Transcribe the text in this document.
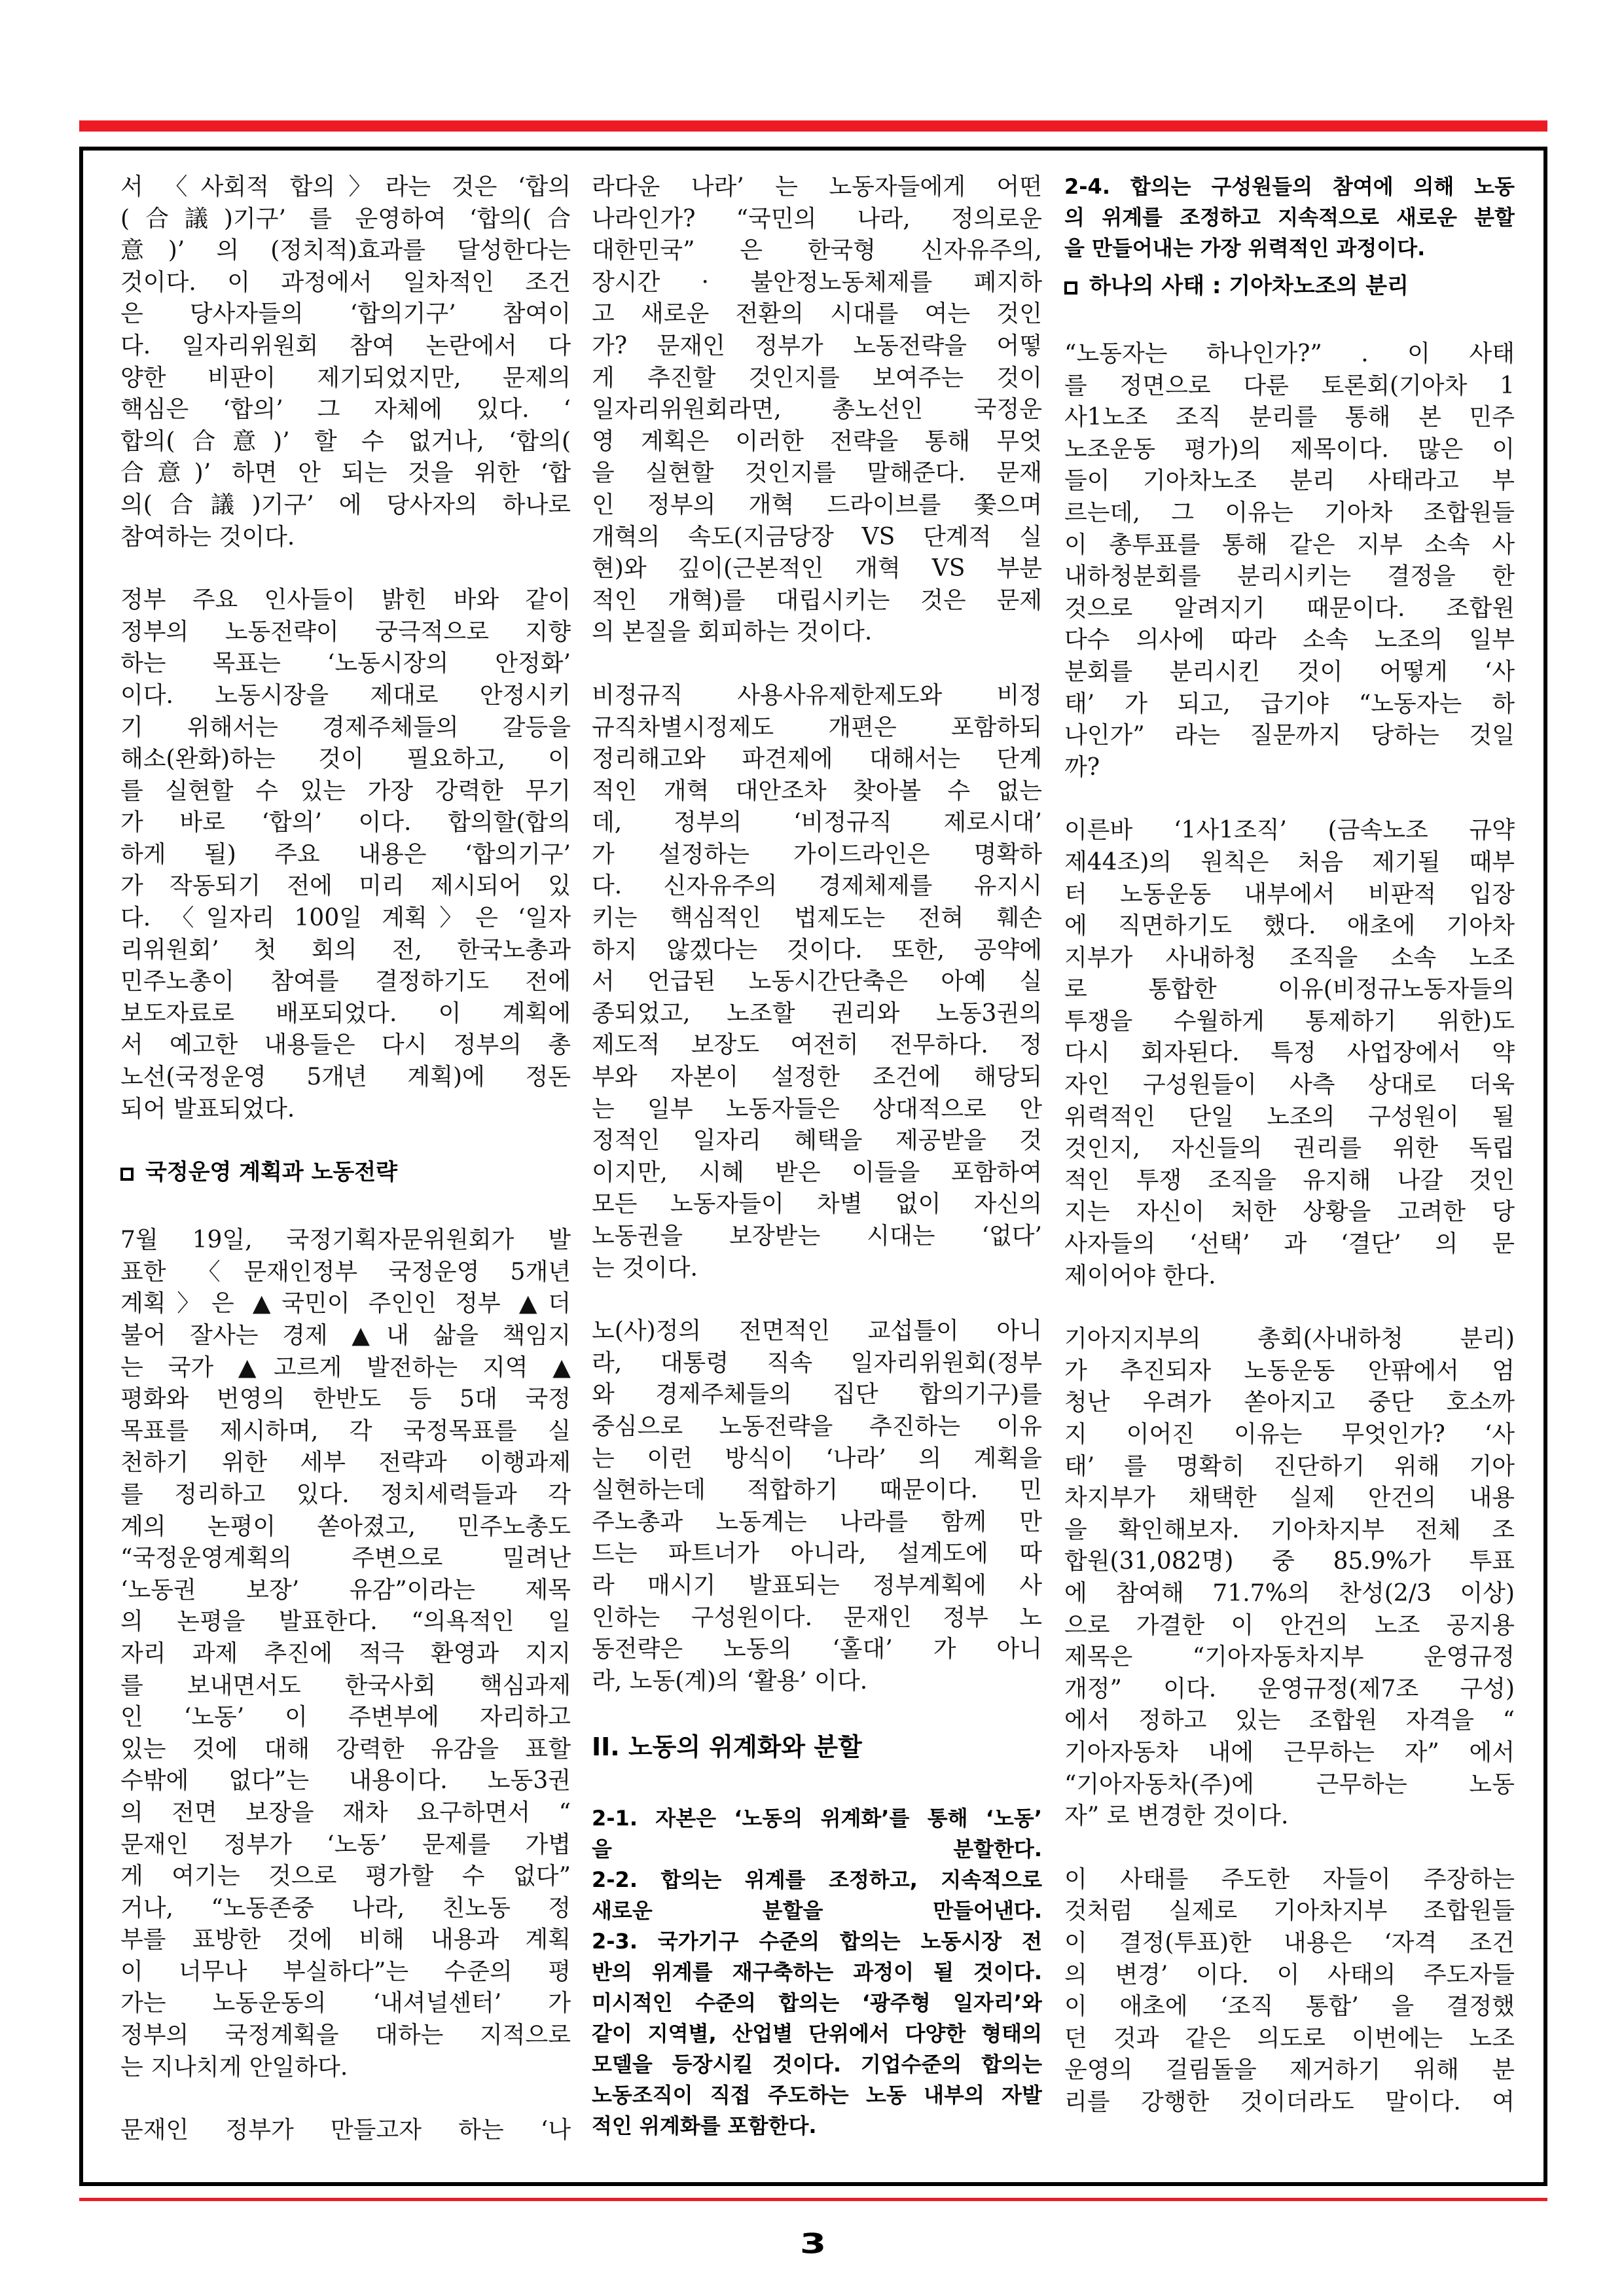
서 〈사회적 합의〉라는 것은 ‘합의
(合議)기구’ 를 운영하여 ‘합의(合
意)’ 의 (정치적)효과를 달성한다는
것이다. 이 과정에서 일차적인 조건
은 당사자들의 ‘합의기구’ 참여이
다. 일자리위원회 참여 논란에서 다
양한 비판이 제기되었지만, 문제의
핵심은 ‘합의’ 그 자체에 있다. ‘
합의(合意)’ 할 수 없거나, ‘합의(
合意)’ 하면 안 되는 것을 위한 ‘합
의(合議)기구’ 에 당사자의 하나로
참여하는 것이다.
정부 주요 인사들이 밝힌 바와 같이
정부의 노동전략이 궁극적으로 지향
하는 목표는 ‘노동시장의 안정화’
이다. 노동시장을 제대로 안정시키
기 위해서는 경제주체들의 갈등을
해소(완화)하는 것이 필요하고, 이
를 실현할 수 있는 가장 강력한 무기
가 바로 ‘합의’ 이다. 합의할(합의
하게 될) 주요 내용은 ‘합의기구’
가 작동되기 전에 미리 제시되어 있
다. 〈일자리 100일 계획〉은 ‘일자
리위원회’ 첫 회의 전, 한국노총과
민주노총이 참여를 결정하기도 전에
보도자료로 배포되었다. 이 계획에
서 예고한 내용들은 다시 정부의 총
노선(국정운영 5개년 계획)에 정돈
되어 발표되었다.
국정운영 계획과 노동전략
7월 19일, 국정기획자문위원회가 발
표한 〈문재인정부 국정운영 5개년
계획〉은 ▲국민이 주인인 정부 ▲더
불어 잘사는 경제 ▲내 삶을 책임지
는 국가 ▲고르게 발전하는 지역 ▲
평화와 번영의 한반도 등 5대 국정
목표를 제시하며, 각 국정목표를 실
천하기 위한 세부 전략과 이행과제
를 정리하고 있다. 정치세력들과 각
계의 논평이 쏟아졌고, 민주노총도
“국정운영계획의 주변으로 밀려난
‘노동권 보장’ 유감”이라는 제목
의 논평을 발표한다. “의욕적인 일
자리 과제 추진에 적극 환영과 지지
를 보내면서도 한국사회 핵심과제
인 ‘노동’ 이 주변부에 자리하고
있는 것에 대해 강력한 유감을 표할
수밖에 없다”는 내용이다. 노동3권
의 전면 보장을 재차 요구하면서 “
문재인 정부가 ‘노동’ 문제를 가볍
게 여기는 것으로 평가할 수 없다”
거나, “노동존중 나라, 친노동 정
부를 표방한 것에 비해 내용과 계획
이 너무나 부실하다”는 수준의 평
가는 노동운동의 ‘내셔널센터’ 가
정부의 국정계획을 대하는 지적으로
는 지나치게 안일하다.
문재인 정부가 만들고자 하는 ‘나
라다운 나라’ 는 노동자들에게 어떤
나라인가? “국민의 나라, 정의로운
대한민국” 은 한국형 신자유주의,
장시간 · 불안정노동체제를 폐지하
고 새로운 전환의 시대를 여는 것인
가? 문재인 정부가 노동전략을 어떻
게 추진할 것인지를 보여주는 것이
일자리위원회라면, 총노선인 국정운
영 계획은 이러한 전략을 통해 무엇
을 실현할 것인지를 말해준다. 문재
인 정부의 개혁 드라이브를 쫓으며
개혁의 속도(지금당장 VS 단계적 실
현)와 깊이(근본적인 개혁 VS 부분
적인 개혁)를 대립시키는 것은 문제
의 본질을 회피하는 것이다.
비정규직 사용사유제한제도와 비정
규직차별시정제도 개편은 포함하되
정리해고와 파견제에 대해서는 단계
적인 개혁 대안조차 찾아볼 수 없는
데, 정부의 ‘비정규직 제로시대’
가 설정하는 가이드라인은 명확하
다. 신자유주의 경제체제를 유지시
키는 핵심적인 법제도는 전혀 훼손
하지 않겠다는 것이다. 또한, 공약에
서 언급된 노동시간단축은 아예 실
종되었고, 노조할 권리와 노동3권의
제도적 보장도 여전히 전무하다. 정
부와 자본이 설정한 조건에 해당되
는 일부 노동자들은 상대적으로 안
정적인 일자리 혜택을 제공받을 것
이지만, 시혜 받은 이들을 포함하여
모든 노동자들이 차별 없이 자신의
노동권을 보장받는 시대는 ‘없다’
는 것이다.
노(사)정의 전면적인 교섭틀이 아니
라, 대통령 직속 일자리위원회(정부
와 경제주체들의 집단 합의기구)를
중심으로 노동전략을 추진하는 이유
는 이런 방식이 ‘나라’ 의 계획을
실현하는데 적합하기 때문이다. 민
주노총과 노동계는 나라를 함께 만
드는 파트너가 아니라, 설계도에 따
라 매시기 발표되는 정부계획에 사
인하는 구성원이다. 문재인 정부 노
동전략은 노동의 ‘홀대’ 가 아니
라, 노동(계)의 ‘활용’ 이다.
II. 노동의 위계화와 분할
2-1. 자본은 ‘노동의 위계화’를 통해 ‘노동’
을 분할한다.
2-2. 합의는 위계를 조정하고, 지속적으로
새로운 분할을 만들어낸다.
2-3. 국가기구 수준의 합의는 노동시장 전
반의 위계를 재구축하는 과정이 될 것이다.
미시적인 수준의 합의는 ‘광주형 일자리’와
같이 지역별, 산업별 단위에서 다양한 형태의
모델을 등장시킬 것이다. 기업수준의 합의는
노동조직이 직접 주도하는 노동 내부의 자발
적인 위계화를 포함한다.
2-4. 합의는 구성원들의 참여에 의해 노동
의 위계를 조정하고 지속적으로 새로운 분할
을 만들어내는 가장 위력적인 과정이다.
하나의 사태 : 기아차노조의 분리
“노동자는 하나인가?” . 이 사태
를 정면으로 다룬 토론회(기아차 1
사1노조 조직 분리를 통해 본 민주
노조운동 평가)의 제목이다. 많은 이
들이 기아차노조 분리 사태라고 부
르는데, 그 이유는 기아차 조합원들
이 총투표를 통해 같은 지부 소속 사
내하청분회를 분리시키는 결정을 한
것으로 알려지기 때문이다. 조합원
다수 의사에 따라 소속 노조의 일부
분회를 분리시킨 것이 어떻게 ‘사
태’ 가 되고, 급기야 “노동자는 하
나인가” 라는 질문까지 당하는 것일
까?
이른바 ‘1사1조직’ (금속노조 규약
제44조)의 원칙은 처음 제기될 때부
터 노동운동 내부에서 비판적 입장
에 직면하기도 했다. 애초에 기아차
지부가 사내하청 조직을 소속 노조
로 통합한 이유(비정규노동자들의
투쟁을 수월하게 통제하기 위한)도
다시 회자된다. 특정 사업장에서 약
자인 구성원들이 사측 상대로 더욱
위력적인 단일 노조의 구성원이 될
것인지, 자신들의 권리를 위한 독립
적인 투쟁 조직을 유지해 나갈 것인
지는 자신이 처한 상황을 고려한 당
사자들의 ‘선택’ 과 ‘결단’ 의 문
제이어야 한다.
기아지지부의 총회(사내하청 분리)
가 추진되자 노동운동 안팎에서 엄
청난 우려가 쏟아지고 중단 호소까
지 이어진 이유는 무엇인가? ‘사
태’ 를 명확히 진단하기 위해 기아
차지부가 채택한 실제 안건의 내용
을 확인해보자. 기아차지부 전체 조
합원(31,082명) 중 85.9%가 투표
에 참여해 71.7%의 찬성(2/3 이상)
으로 가결한 이 안건의 노조 공지용
제목은 “기아자동차지부 운영규정
개정” 이다. 운영규정(제7조 구성)
에서 정하고 있는 조합원 자격을 “
기아자동차 내에 근무하는 자” 에서
“기아자동차(주)에 근무하는 노동
자” 로 변경한 것이다.
이 사태를 주도한 자들이 주장하는
것처럼 실제로 기아차지부 조합원들
이 결정(투표)한 내용은 ‘자격 조건
의 변경’ 이다. 이 사태의 주도자들
이 애초에 ‘조직 통합’ 을 결정했
던 것과 같은 의도로 이번에는 노조
운영의 걸림돌을 제거하기 위해 분
리를 강행한 것이더라도 말이다. 여
3
